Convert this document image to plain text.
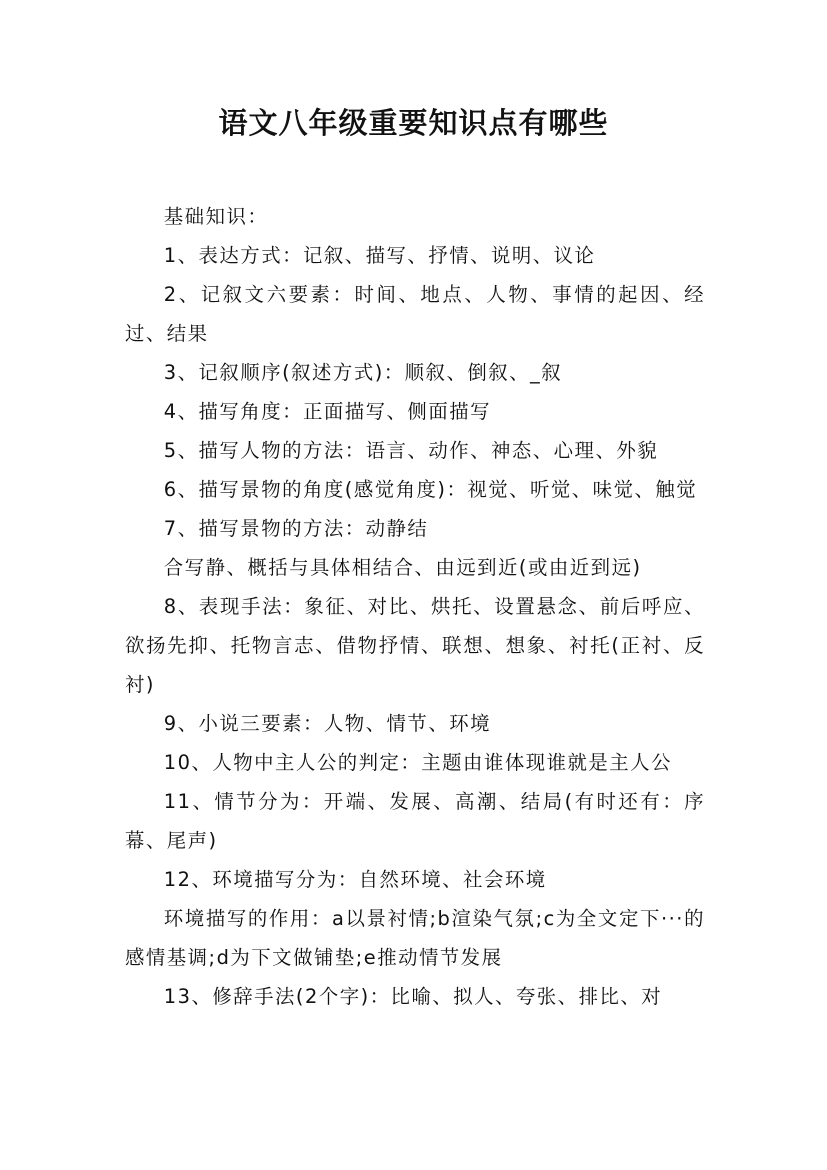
语文八年级重要知识点有哪些

基础知识：

1、表达方式：记叙、描写、抒情、说明、议论

2、记叙文六要素：时间、地点、人物、事情的起因、经过、结果

3、记叙顺序(叙述方式)：顺叙、倒叙、_叙

4、描写角度：正面描写、侧面描写

5、描写人物的方法：语言、动作、神态、心理、外貌

6、描写景物的角度(感觉角度)：视觉、听觉、味觉、触觉

7、描写景物的方法：动静结

合写静、概括与具体相结合、由远到近(或由近到远)

8、表现手法：象征、对比、烘托、设置悬念、前后呼应、欲扬先抑、托物言志、借物抒情、联想、想象、衬托(正衬、反衬)

9、小说三要素：人物、情节、环境

10、人物中主人公的判定：主题由谁体现谁就是主人公

11、情节分为：开端、发展、高潮、结局(有时还有：序幕、尾声)

12、环境描写分为：自然环境、社会环境

环境描写的作用：a以景衬情;b渲染气氛;c为全文定下···的感情基调;d为下文做铺垫;e推动情节发展

13、修辞手法(2个字)：比喻、拟人、夸张、排比、对
